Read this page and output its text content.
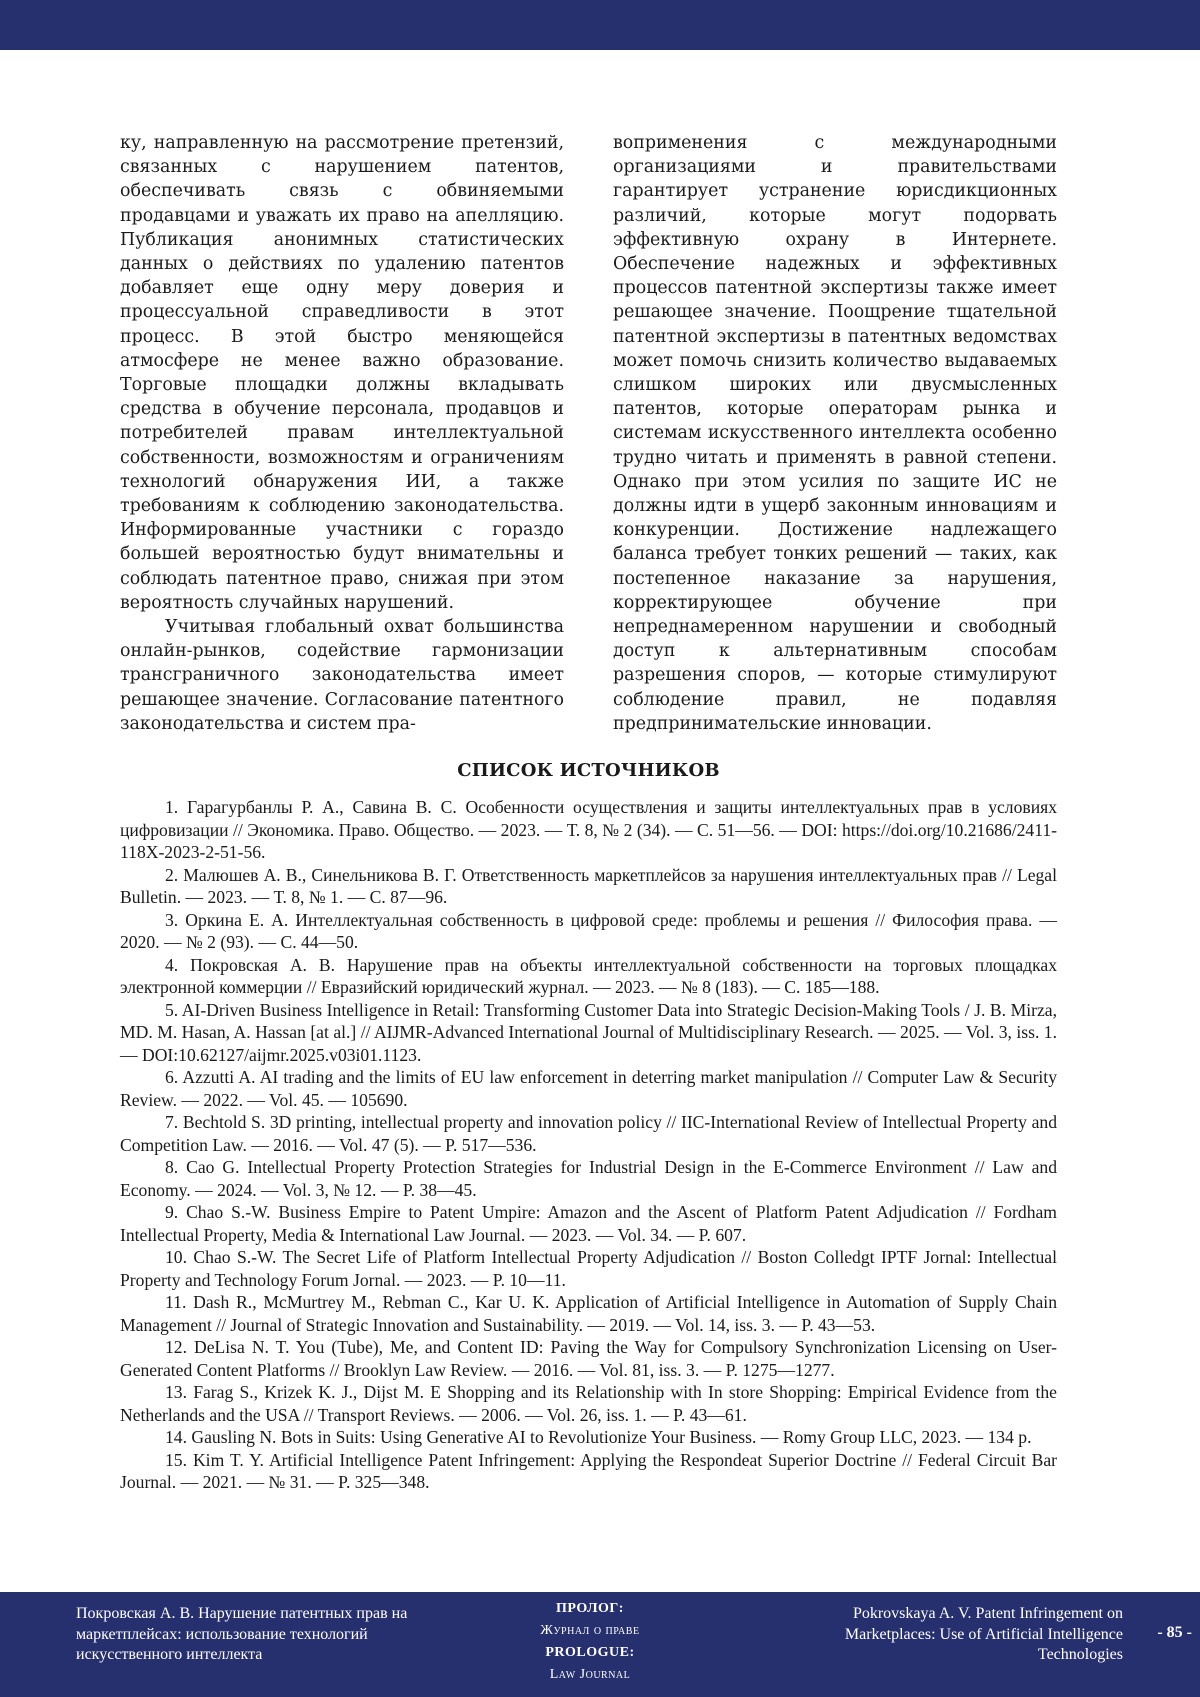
ку, направленную на рассмотрение претензий, связанных с нарушением патентов, обеспечивать связь с обвиняемыми продавцами и уважать их право на апелляцию. Публикация анонимных статистических данных о действиях по удалению патентов добавляет еще одну меру доверия и процессуальной справедливости в этот процесс. В этой быстро меняющейся атмосфере не менее важно образование. Торговые площадки должны вкладывать средства в обучение персонала, продавцов и потребителей правам интеллектуальной собственности, возможностям и ограничениям технологий обнаружения ИИ, а также требованиям к соблюдению законодательства. Информированные участники с гораздо большей вероятностью будут внимательны и соблюдать патентное право, снижая при этом вероятность случайных нарушений.

Учитывая глобальный охват большинства онлайн-рынков, содействие гармонизации трансграничного законодательства имеет решающее значение. Согласование патентного законодательства и систем пра-

воприменения с международными организациями и правительствами гарантирует устранение юрисдикционных различий, которые могут подорвать эффективную охрану в Интернете. Обеспечение надежных и эффективных процессов патентной экспертизы также имеет решающее значение. Поощрение тщательной патентной экспертизы в патентных ведомствах может помочь снизить количество выдаваемых слишком широких или двусмысленных патентов, которые операторам рынка и системам искусственного интеллекта особенно трудно читать и применять в равной степени. Однако при этом усилия по защите ИС не должны идти в ущерб законным инновациям и конкуренции. Достижение надлежащего баланса требует тонких решений — таких, как постепенное наказание за нарушения, корректирующее обучение при непреднамеренном нарушении и свободный доступ к альтернативным способам разрешения споров, — которые стимулируют соблюдение правил, не подавляя предпринимательские инновации.

СПИСОК ИСТОЧНИКОВ

1. Гарагурбанлы Р. А., Савина В. С. Особенности осуществления и защиты интеллектуальных прав в условиях цифровизации // Экономика. Право. Общество. — 2023. — Т. 8, № 2 (34). — С. 51—56. — DOI: https://doi.org/10.21686/2411-118X-2023-2-51-56.

2. Малюшев А. В., Синельникова В. Г. Ответственность маркетплейсов за нарушения интеллектуальных прав // Legal Bulletin. — 2023. — Т. 8, № 1. — С. 87—96.

3. Оркина Е. А. Интеллектуальная собственность в цифровой среде: проблемы и решения // Философия права. — 2020. — № 2 (93). — С. 44—50.

4. Покровская А. В. Нарушение прав на объекты интеллектуальной собственности на торговых площадках электронной коммерции // Евразийский юридический журнал. — 2023. — № 8 (183). — С. 185—188.

5. AI-Driven Business Intelligence in Retail: Transforming Customer Data into Strategic Decision-Making Tools / J. B. Mirza, MD. M. Hasan, A. Hassan [at al.] // AIJMR-Advanced International Journal of Multidisciplinary Research. — 2025. — Vol. 3, iss. 1. — DOI:10.62127/aijmr.2025.v03i01.1123.

6. Azzutti A. AI trading and the limits of EU law enforcement in deterring market manipulation // Computer Law & Security Review. — 2022. — Vol. 45. — 105690.

7. Bechtold S. 3D printing, intellectual property and innovation policy // IIC-International Review of Intellectual Property and Competition Law. — 2016. — Vol. 47 (5). — P. 517—536.

8. Cao G. Intellectual Property Protection Strategies for Industrial Design in the E-Commerce Environment // Law and Economy. — 2024. — Vol. 3, № 12. — P. 38—45.

9. Chao S.-W. Business Empire to Patent Umpire: Amazon and the Ascent of Platform Patent Adjudication // Fordham Intellectual Property, Media & International Law Journal. — 2023. — Vol. 34. — P. 607.

10. Chao S.-W. The Secret Life of Platform Intellectual Property Adjudication // Boston Colledgt IPTF Jornal: Intellectual Property and Technology Forum Jornal. — 2023. — P. 10—11.

11. Dash R., McMurtrey M., Rebman C., Kar U. K. Application of Artificial Intelligence in Automation of Supply Chain Management // Journal of Strategic Innovation and Sustainability. — 2019. — Vol. 14, iss. 3. — P. 43—53.

12. DeLisa N. T. You (Tube), Me, and Content ID: Paving the Way for Compulsory Synchronization Licensing on User-Generated Content Platforms // Brooklyn Law Review. — 2016. — Vol. 81, iss. 3. — P. 1275—1277.

13. Farag S., Krizek K. J., Dijst M. E Shopping and its Relationship with In store Shopping: Empirical Evidence from the Netherlands and the USA // Transport Reviews. — 2006. — Vol. 26, iss. 1. — P. 43—61.

14. Gausling N. Bots in Suits: Using Generative AI to Revolutionize Your Business. — Romy Group LLC, 2023. — 134 p.

15. Kim T. Y. Artificial Intelligence Patent Infringement: Applying the Respondeat Superior Doctrine // Federal Circuit Bar Journal. — 2021. — № 31. — P. 325—348.

Покровская А. В. Нарушение патентных прав на маркетплейсах: использование технологий искусственного интеллекта
ПРОЛОГ:
Журнал о праве
PROLOGUE:
Law Journal
Pokrovskaya A. V. Patent Infringement on Marketplaces: Use of Artificial Intelligence Technologies
- 85 -
